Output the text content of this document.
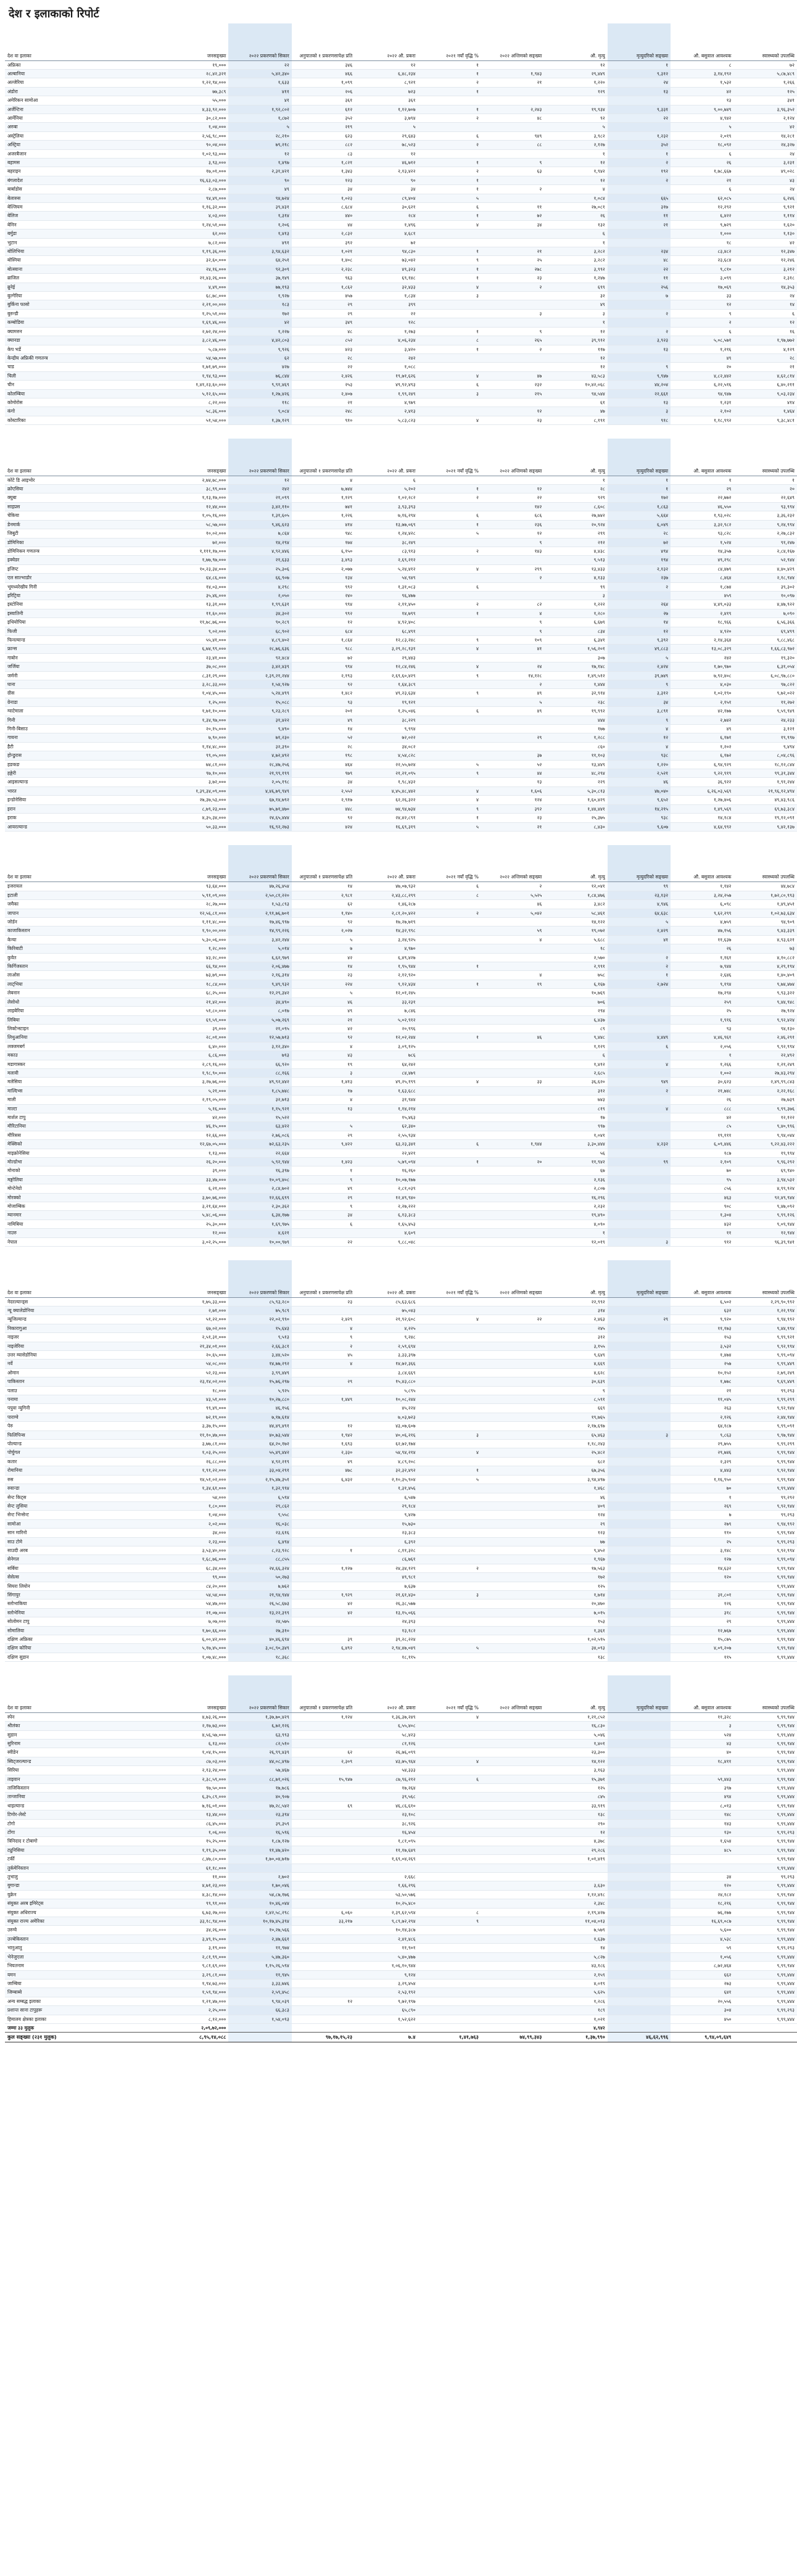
देश र इलाकाको रिपोर्ट
देश वा इलाका	जनसङ्ख्या	२०२२ प्रकरणको सिकार	अनुपातको १ प्रकरणसापेक्ष प्रति	२०२२ औ. प्रकरा	२०२१ नयाँ वृद्धि %	२०२२ अन्तिमको सङ्ख्या	औ. मृत्यु	मृत्युदरिको सङ्ख्या	औ. बसुवाल आवश्यक	स्वास्थ्यको उपलब्धि
अफ्रिका	१९,०००	२२	३४६	१२	१		१२	१	८	७२
अल्बानिया	२८,४२,३२१	५,४२,३४०	४६६	६,४८,२३४	१	१,९४३	२९,४४९	९,३१२	३,१४,१९२	५,८७,४८९
अल्जेरिया	१,२२,९४,०००	१,६३३	१,०९९	८,९२१	२	२१	१,२२०	२४	१,५३२	१,२६६
अंडोरा	७७,३८९	४११	२०६	७२३	१		१२९	१३	४२	१२५
अमेरिकन सामोआ	५५,०००	४१	३६१	३६१					१३	३४१
अर्जेन्टिना	४,३३,९२,०००	१,९२,८०२	६१२	१,१२,७०७	१	२,२४३	१९,९३४	९,३३१	९,००,७४९	३,९६,३५२
आर्मेनिया	३०,८२,०००	१,८७२	३५२	३,७९४	२	४८	९२	२२	४,९४२	२,१२४
अरुबा	१,०४,०००	५	२१९	५			५		५	४२
अस्ट्रेलिया	२,५६,९८,०००	२८,२१०	६२३	२९,६४३	६	९४९	३,९८२	१,२३२	२,०१९	१४,२८१
अस्ट्रिया	९०,०४,०००	७९,२१८	८८२	७८,५२३	२	८८	२,१२७	३५२	१८,०९२	२४,३२७
अजरबैजान	१,०२,९३,०००	१२	८३	१२			१	१	६	२४
बहामस	३,९३,०००	१,४९७	१,८२१	४६,७१२	१	९	१२	२	२६	३,२३१
बहराइन	१७,०१,०००	२,३१,४२१	१,३४३	२,१३,४२२	२	६३	१,९४२	१९२	१,७८,६६७	४९,०२८
बंगलादेश	१६,६३,०३,०००	९०	१२३	९०	१		१२	२	२१	४३
बार्बाडोस	२,८७,०००	४९	३४	३४	१	२	४		६	२४
बेलारुस	९४,४९,०००	९४,७२४	१,०२३	८९,४०४	५		१,०८४	६६५	६२,०८५	६,२४६
बेल्जियम	१,१६,३२,०००	३९,४३१	८,६८४	३०,६२१	६	११	२७,०८१	३१७	१२,२९२	९,९२१
बेलिज	४,०३,०००	१,३१४	४४०	२८४	१	७२	२६	११	६,४२२	१,११४
बेनिन	१,२४,५१,०००	१,२०६	४४	१,४९६	४	३४	१३२	२१	९,७२९	१,६२०
बर्मुडा	६२,०००	१,४१३	२,८३२	४,६८१			६		१,०००	१,१३०
भुटान	७,८२,०००	४९१	३९२	७२			१		१८	४२
बोलिभिया	१,१९,३६,०००	३,९४,६३२	१,०२१	९४,८३०	१	२१	३,२८२	२३४	८३,४८२	१२,३४७
बोस्निया	३२,६०,०००	६४,२५१	१,४०८	७३,०४२	९	२५	३,२८२	४८	२३,६८४	१२,२४६
बोत्स्वाना	२४,१६,०००	९२,३०९	२,२३८	४९,३२३	१	२७८	३,९९२	२२	९,८१०	३,२१२
ब्राजिल	२१,४३,२६,०००	३७,१४९	९६३	६९,१४८	१	२३	१,२४७	११	३,०९९	२,३१८
ब्रुनेई	४,४९,०००	७७,१९३	१,८६२	३२,४३३	४	२	६९९	२५६	१७,०६९	१४,३५३
बुल्गेरिया	६८,७८,०००	१,९२७	४५७	१,८३४	३		३२	७	३३	२४
बुर्किना फासो	२,२१,००,०००	१८३	२९	३९९			४९		१२	१४
बुरुन्डी	१,२५,५१,०००	१७२	२९	२२		३	३	२	९	६
कम्बोडिया	१,६९,४६,०००	४२	३४९	१२८			१		२	१२
क्यामरुन	२,७२,२४,०००	१,२२७	४८	१,२७३	१	९	१२	२	६	१६
क्यानडा	३,८२,४६,०००	४,४२,८०३	८५२	४,०६,२३४	८	२६५	३९,९१२	३,९२३	५,०८,५७१	१,९७,७७२
केप भर्डे	५,८७,०००	९,९२६	४२३	३,४२०	१	२	११७	१३	१,२१६	४,१२९
केन्द्रीय अफ्रिकी गणतन्त्र	५४,५७,०००	६२	२८	२४२			१२		४९	२८
चाड	१,७१,७९,०००	४२७	२२	१,०८८			१२	९	२०	२१
चिली	१,९४,९३,०००	७६,८४४	२,४२६	१९,७१,६२६	४	४७	४३,५८३	९,९४७	४,८२,४४२	४,६२,८१४
चीन	१,४१,२३,६०,०००	९,९१,४६९	२५३	४९,९२,४९३	६	२३२	१०,४२,०६८	४४,२०४	६,२२,५१६	६,४०,२११
कोलम्बिया	५,१२,६५,०००	१,२७,४२६	२,४०७	१,९९,२४९	३	२१५	९४,५४४	२२,६६१	९४,९४७	९,०३,२३४
कोमोरोस	८,२२,०००	११८	२१	४,९७९			६१	१३	१,२३१	४१४
कंगो	५८,३६,०००	९,०८४	२४८	२,४१३		१२	४७	३	२,१०२	१,४६४
कोस्टारिका	५१,५४,०००	१,३७,१२९	९१०	५,८३,८२३	४	२३	८,१९१	९१८	१,१८,९९२	९,३८,४८१
देश वा इलाका	जनसङ्ख्या	२०२२ प्रकरणको सिकार	अनुपातको १ प्रकरणसापेक्ष प्रति	२०२२ औ. प्रकरा	२०२१ नयाँ वृद्धि %	२०२२ अन्तिमको सङ्ख्या	औ. मृत्यु	मृत्युदरिको सङ्ख्या	औ. बसुवाल आवश्यक	स्वास्थ्यको उपलब्धि
कोटे डि आइभोर	२,७४,७८,०००	१२	४	६			१	१	१	१
क्रोएसिया	३८,९९,०००	२४२	७,७४४	५,२०२	१	१२	२८	१	२९	२०
क्युबा	१,१३,१७,०००	२१,०९९	१,१२९	१,०२,२८२	२	२२	९२९	१७२	२२,७७२	२२,६४९
साइप्रस	१२,४४,०००	३,४२,११०	७४१	३,९३,३९३		१४२	८,६०८	१,८६३	४६,५५०	९३,९९४
चेकिया	१,०५,१६,०००	१,३१,६०५	१,२२६	७,१६,२९४	६	६८६	२७,७४२	५,६६४	१,९३,०२८	३,३६,२३२
डेनमार्क	५८,५७,०००	९,४६,६२३	४१४	१३,७७,०६९	१	२३६	२०,९२४	६,०४९	३,३२,९८२	९,२४,९९४
जिबुटी	१०,०२,०००	७,८६४	९४८	१,२४,४२८	५	१२	२९९	२८	९३,८२८	२,२७,८३२
डोमिनिका	७२,०००	१४,२९४	१७४	३८,२४९		९	२१२	७२	१,५२४	९१,२४७
डोमिनिकन गणतन्त्र	१,१११,१७,०००	४,९२,४४६	६,१५०	८३,९१३	२	१४३	४,४३८	४९४	१४,३५७	२,८४,१६७
इक्वेडर	१,७७,९७,०००	२१,६३३	३,४९३	२,६९,२१२			९,५१३	१९४	४९,२९८	५२,९४४
इजिप्ट	१०,२३,३४,०००	२५,३०६	२,०७७	५,२४,४१२	४	२९९	१३,४३३	२,१३२	८४,४७९	४,४०,४२९
एल साल्भाडोर	६४,८६,०००	६६,९०७	१३४	५४,९४९		२	४,१३३	२३७	८,४६४	२,१८,९४४
भूमध्यरेखीय गिनी	१४,०३,०००	४,२९८	९९२	१,३१,०८३	६		९९	२	१,८७४	३९,३०२
इरिट्रिया	३५,४६,०००	२,०५०	२४०	९६,४७७			३		४५९	१०,०९७
इस्टोनिया	१३,३१,०००	१,९९,६३१	९९४	२,११,४५०	२	८२	१,२२२	२६४	४,४९,०३३	४,४७,९२२
इस्वातिनी	११,६०,०००	३४,३०२	९९२	१४,७९९	१	४	१,२८०	२७	२,४१९	७,०९०
इथियोपिया	११,७८,७६,०००	९०,२८९	१२	४,९२,४०८		९	६,६७९	१४	१८,९६६	६,५६,३६६
फिजी	९,०२,०००	६८,९०२	६८४	६८,४९१		९	८३४	१२	४,९२०	६९,४९९
फिनल्यान्ड	५५,४१,०००	४,८९,४०२	१,८६४	१२,८३,२४८	९	१०९	६,३४१	९,३९२	२,१४,३६४	९,८८,४६८
फ्रान्स	६,७४,९९,०००	२८,७६,६३६	९८८	३,२९,२८,१३१	४	४१	१,५६,२०१	४९,८८३	१३,०८,३२९	१,६६,८३,९७२
गाबोन	२३,४१,०००	९२,४८४	७२	२९,४४३			३०७	५	२४२	१९,३२०
जर्जिया	३७,०८,०००	३,४२,४३९	९९४	१२,८४,२४६	४	२४	१७,१४८	२,४२४	१,७०,९७०	६,३१,०५४
जर्मनी	८,३१,२९,०००	२,३९,२१,२४४	२,१९३	२,६९,६०,४२९	९	१४,१२८	१,४९,५१२	३९,७४९	७,९२,४०८	६,०८,९७,८८०
घाना	३,२८,३३,०००	१,५४,९२७	९२	१,६४,३८९		२	१,४४४	९	४,०३०	९७,८२२
ग्रीस	१,०४,४५,०००	५,२४,४९९	१,४८२	४९,२३,६३४	९	४९	३२,९१४	३,३१२	१,०२,१९०	९,७२,०२२
ग्रेनाडा	१,२५,०००	१५,०८८	९३	१९,१२१		५	२३८	३४	२,१५१	११,२७२
ग्वाटेमाला	१,७१,१०,०००	९,२३,२८९	२०१	१,२५,०४६	६	४९	१९,९९२	३,८९१	४२,१७७	९,५९,९४९
गिनी	१,३४,९७,०००	३१,४२२	४९	३८,२२९			४४४	९	२,७४२	२४,२३३
गिनी-बिसाउ	२०,१५,०००	९,४९०	१४	९,९९४			१७७	४	४९	३,१२१
गायना	७,९०,०००	७१,२३०	५२	७२,०२२		२९	१,२८८	१२	६,१७१	१९,९९७
हैटी	१,१४,४८,०००	३२,३९०	२८	३४,०८२			८६०	४	१,२०२	९,४९४
होन्डुरास	९९,०५,०००	४,७२,४९२	१९८	४,५४,८२८		३७	११,१०३	९३८	६,१७२	८,०४,८९६
हङकङ	७४,८१,०००	२८,४७,२५६	४६४	२२,५५,७२४	५	५२	१३,४४९	१,२२०	६,९४,९२९	१८,१२,८४४
हङ्गेरी	९७,१०,०००	२१,९९,१९९	९७९	२१,२१,०९५	९	४४	४८,२९४	२,५२१	९,२२,९१९	९९,३१,३४४
आइसल्यान्ड	३,७२,०००	२,०५,१९८	३४	१,९८,४३२		१३	२२९	४६	३६,९२२	१,९१,२४४
भारत	१,३९,३४,०९,०००	४,४६,७९,९४९	२,५५२	४,४५,४८,४४२	४	१,६०६	५,३०,८१३	४७,०४०	६,२६,०३,५६९	२१,९६,१२,४९४
इन्डोनेसिया	२७,३७,५३,०००	६७,१४,७९२	२,९१७	६२,२६,३२२	४	१२४	१,६०,४२९	९,६५२	१,२७,४०६	४९,४३,९८६
इरान	८,७९,२३,०००	७५,७१,४७०	४४८	७४,९४,७३४	९	३९२	१,४४,४४१	१४,२१५	१,४९,५६९	६९,७३,३८४
इराक	४,३५,३४,०००	२४,६५,४४४	९२	२४,४२,८९१	१	२३	२५,३७५	९३८	१४,१८४	१९,१२,०९१
आयरल्यान्ड	५०,३३,०००	१६,९२,२७३	४२४	१६,६९,३१९	५	२१	८,४३०	९,६०७	४,६४,९९२	९,४२,१३७
देश वा इलाका	जनसङ्ख्या	२०२२ प्रकरणको सिकार	अनुपातको १ प्रकरणसापेक्ष प्रति	२०२२ औ. प्रकरा	२०२१ नयाँ वृद्धि %	२०२२ अन्तिमको सङ्ख्या	औ. मृत्यु	मृत्युदरिको सङ्ख्या	औ. बसुवाल आवश्यक	स्वास्थ्यको उपलब्धि
इजरायल	९३,६४,०००	४७,२६,४५४	१४	४७,०७,९३२	६	२	१२,०४१	९९	१,१४२	४४,७८४
इटाली	५,९१,०९,०००	२,५०,८१,२२०	२,९८१	२,४३,८८,२९९	८	५,५२५	१,८४,४७६	२३,१३२	३,२४,२५७	१,७२,८०,९९३
जमैका	२८,२७,०००	१,५३,८९३	६२	१,४६,२८७		४६	३,४८२	४,९४६	६,०९८	१,४९,४५१
जापान	१२,५६,८१,०००	२,९१,७६,७०१	१,१४०	२,८१,२०,४२२	२	५,०४२	५८,४६१	६४,६३८	९,६२,२९९	१,०२,७३,६३४
जोर्डन	१,११,४८,०००	१७,४६,९९७	९२	१७,२७,७१९			१४,१२२	५	४,७५९	९४,९०९
काजाकिस्तान	१,९०,००,०००	१४,९९,२२६	२,०२७	१४,३२,९९८		५९	१९,०७२	२,४२९	४७,१५६	९,४३,३३९
केन्या	५,३०,०६,०००	३,४२,२४४	५	३,२४,९२५		४	५,६८८	४१	११,६३७	४,९३,६२१
किरिबाटी	१,२८,०००	५,०१४	७	४,९७०			१८		२६	७३
कुवेत	४३,२८,०००	६,६२,९७९	४२	६,४९,४२७			२,५७०	२	१,१६१	४,१०,८८२
किर्गिजस्तान	६६,९४,०००	२,०६,४७७	१४	१,९५,९४४	१		२,९९१	२	७,९४४	४,२९,१९४
लाओस	७३,७९,०००	२,१६,३१४	२३	२,१२,९२०		४	७५८	१	२,६४६	१,४०,४०९
लाट्भिया	१८,८४,०००	९,४९,९३२	२२४	९,१२,४३४	१	१९	६,१६७	२,७२४	९,१९४	९,७४,४७४
लेबनान	६८,२५,०००	१२,२९,३४२	५	१२,०१,२४५			१०,७६९		१७,२९४	९,९३,३२२
लेसोथो	२१,४२,०००	३४,४९०	४६	३३,२३१			७०६		२५९	९,४४,९४८
लाइबेरिया	५१,८०,०००	८,०१७	४९	७,८४६			२९४		२५	२७,९२४
लिबिया	६९,५९,०००	५,०७,२६९	२१	५,०२,९१२			६,४३७		१,९१६	९,९२,४२४
लिक्टेन्स्टाइन	३९,०००	२१,०९५	४२	२०,९९६			८९		९३	९४,१३०
लिथुआनिया	२८,०१,०००	१२,५७,७१३	९२	१२,०२,२४४	१	४६	९,४४८	४,४४९	४,४६,९६१	२,४६,२९१
लक्जमबर्ग	६,४०,०००	३,१२,३४०	४	३,०९,१२५			१,१२९	६	२,०५६	९,९२,९९४
मकाउ	६,८६,०००	७९३	४३	७८६			६		१	२२,४९२
मडागास्कर	२,८९,१६,०००	६६,९२०	१९	६४,२४२			१,४१२	४	१,२६६	१,२१,२४९
मलावी	१,९८,९०,०००	८८,१६६	३	८४,४७९			२,६८५		१,००२	२७,४३,२९४
मलेसिया	३,२७,७६,०००	४९,९२,४४२	१,४१३	४९,२५,१९९	४	३३	३६,६२०	९४९	३०,६२३	२,४९,९९,८४३
माल्दिभ्स	५,२१,०००	१,८५,७४८	१७	१,६३,६८८			३१२	२	२१,७४८	२,२२,१६८
माली	२,१९,०५,०००	३२,७१३	४	३१,९४४			७४३		२६	२७,७३९
माल्टा	५,१६,०००	१,१५,९२१	१३	१,१४,२१४			८१९	४	८८८	९,९९,३७६
मार्शल टापु	४२,०००	१५,५२२		१५,४६३			१७		४२	१२,१२२
मौरिटानिया	४६,१५,०००	६३,४२२	५	६२,३४०			९९७		८५	९,४०,९९६
मौरिसस	१२,६६,०००	२,७६,०८६	२९	२,५५,९३४			१,०४१		१९,१११	९,९४,०४४
मेक्सिको	१२,६७,०५,०००	७२,६३,२३५	९,४२२	६३,२३,३४१	६	१,९४४	३,३०,४४४	४,२३२	६,०९,४४६	९,२२,४३,२२२
माइक्रोनेसिया	१,१३,०००	२२,६६४		२२,४२१			५६		१८७	१९,९९४
मोल्डोभा	२६,२०,०००	५,९२,९४४	१,४२३	५,७९,०९४	१	२०	११,९४२	९९	२,१०९	९,९६,२९२
मोनाको	३९,०००	१६,३९७	१	१६,२६०			६७		७०	६९,९४०
मङ्गोलिया	३३,४७,०००	१०,०९,४०८	९	१०,०७,१७७			२,१३६		९५	३,९४,५३२
मोन्टेनेग्रो	६,२१,०००	२,८४,७०२	४९	२,८१,०३९			२,८०७		८५६	४,९९,९२४
मोरक्को	३,७०,७६,०००	१२,६६,६९९	२९	१२,४९,९४०			१६,२९६		४६३	९२,४९,९४४
मोजाम्बिक	३,२१,६४,०००	२,३०,३६२	९	२,२७,२२२			२,२३२		९०८	९,४७,०९२
म्यानमार	५,४८,०६,०००	६,३४,१७७	३४	६,१३,३८३			१९,४९०		१,३०४	९,९९,१२६
नामिबिया	२५,३०,०००	१,६९,९७५	६	१,६५,४५३			४,०९०		४३२	९,०९,९४४
नाउरु	१२,०००	४,६२१		४,६०९			१		११	१२,९४४
नेपाल	३,०२,२५,०००	१०,००,९७९	२२	९,८८,०४८			१२,०१९	३	९१२	९६,३९,९४१
देश वा इलाका	जनसङ्ख्या	२०२२ प्रकरणको सिकार	अनुपातको १ प्रकरणसापेक्ष प्रति	२०२२ औ. प्रकरा	२०२१ नयाँ वृद्धि %	२०२२ अन्तिमको सङ्ख्या	औ. मृत्यु	मृत्युदरिको सङ्ख्या	औ. बसुवाल आवश्यक	स्वास्थ्यको उपलब्धि
नेदरल्यान्ड्स	१,७५,३३,०००	८५,९३,२८०	२३	८५,६३,६८६			२२,९९२		६,५०२	२,२९,९०,९९२
न्यू क्यालेडोनिया	२,७१,०००	७५,९८९		७५,०४३			३१४		६३२	१,२२,९९४
न्यूजिल्यान्ड	५१,२२,०००	२२,०२,९९०	२,४२९	२१,९२,६०८	४	२२	२,४६३	२९	९,९२०	९,९४,९९२
निकारागुआ	६७,०२,०००	१५,६४३	४	४,२२५			२४५		११,१७३	९,४४,९९४
नाइजर	२,५१,३१,०००	९,५१३	९	९,२४८			३१२		१५३	९,९९,९२१
नाइजेरिया	२१,३४,०१,०००	२,६६,३८१	२	२,५९,६९४			३,१५५		३,५३२	९,९२,९९४
उत्तर म्यासेडोनिया	२०,६५,०००	३,४४,५२०	४५	३,३३,३९७			९,६४९		१,४७४	९,९९,०९४
नर्वे	५४,०८,०००	१४,७७,२९२	४	१४,७२,३६६			४,६६९		२५७	९,९९,४४९
ओमान	५२,२३,०००	३,९९,४४९		३,८४,६६९			४,६२८		१०,१५२	२,७९,२४९
पाकिस्तान	२३,१४,०२,०००	१५,७६,२९७	२९	१५,४३,८८०			३०,६३९		१,७७८	९,६९,४४९
पलाउ	१८,०००	५,९२५		५,८९५			९		२१	९९,२९३
पनामा	४३,५१,०००	१०,२७,८८०	१,४४९	१०,०८,२४४			८,५९१		११,०४५	९,९९,२९९
पपुवा न्युगिनी	९९,४९,०००	४६,१५६		४५,२२४			६६९		२६३	९,९२,९४४
पाराग्वे	७२,१९,०००	७,१७,६१४		७,०३,७२३			१९,७६५		२,१२६	२,४४,९४४
पेरु	३,३७,१५,०००	४४,४९,४९१	१२	४३,०७,६०७			२,१७,६९७		६४,१८७	९,९९,०९१
फिलिपिन्स	११,१०,४७,०००	४०,७३,५४४	१,९४२	४०,०६,२१६	३		६५,४६३	३	९,८६३	९,९७,९४४
पोल्यान्ड	३,७७,८१,०००	६४,२०,१७२	१,६९३	६२,७२,१७४			१,१८,२४३		२९,७५५	९,९९,२९९
पोर्चुगल	१,०३,२५,०००	५५,४९,४४२	२,३३०	५४,९४,२१४	४		२५,४८२		२९,७४६	९,९९,९४४
कतार	२६,८८,०००	४,९२,२१९	४९	४,८९,२०८			६८२		२,३२९	९,९९,९४४
रोमानिया	१,९१,२२,०००	३३,०४,२९१	४७८	३२,३२,४९२	१		६७,३५६		४,४४३	९,९२,९४४
रुस	१४,५१,०२,०००	२,१५,४७,३५१	६,४३२	२,१०,३५,९०४	५		३,९४,४९७		१,१६,९५०	९,९९,९४४
रुवान्डा	१,३४,६१,०००	१,३२,९९४		१,३१,४५६			१,४६८		७०	९,९९,४४४
सेन्ट किट्स	५४,०००	६,५९४		६,५४७			४६		१	९९,२९२
सेन्ट लुसिया	१,८०,०००	२९,८६२		२९,१८४			४०९		२६९	९,९२,९४४
सेन्ट भिन्सेन्ट	१,०४,०००	९,५५८		९,४२७			१२४		७	९९,२९३
सामोआ	२,०२,०००	१६,०३८		१५,७३०			२९		२७९	९,९४,९९२
सान मारिनो	३४,०००	२३,६१६		२३,३८३			१२३		११०	९,९९,९४४
साउ टोमे	२,२३,०००	६,४९४		६,३९२			७७		२५	९,९९,२९३
साउदी अरब	३,५३,४०,०००	८,२३,९२८	१	८,११,३२८			९,४५२		३,१४८	९,९२,९९४
सेनेगल	१,६८,७६,०००	८८,८५५		८६,७६१			१,९६७		१२७	९,९९,०९४
सर्बिया	६८,३४,०००	२४,६६,३२४	१,१२७	२४,३४,१२९	२		१७,५६३		१४,६३२	९,९९,९४४
सेसेल्स	९९,०००	५०,२७३		४९,९८१			१७२		१२०	९,९९,९४४
सियरा लियोन	८४,२०,०००	७,७६२		७,६३७			१२५			९,९९,४४४
सिंगापुर	५४,५४,०००	२१,९४,९४४	१,९२९	२१,६१,४३०	३		१,७१४		३१,८०१	९,९९,९४४
स्लोभाकिया	५४,४७,०००	२६,५८,६७३	४२	२६,३८,५७७			२०,४७०		१२६	९,९९,९४४
स्लोभेनिया	२१,०७,०००	१३,२२,३९९	४२	१३,१५,०६६			७,०१५		३१८	९,९९,९४४
सोलोमन टापु	७,०७,०००	२४,५७५		२४,३९३			१५३		२९	९,९९,४४४
सोमालिया	१,७०,६६,०००	२७,३१०		१३,१८२			१,३६१		१२,७६७	९,९९,४४४
दक्षिण अफ्रिका	६,००,४२,०००	४०,४६,६९४	३९	३९,२८,२२४			१,०२,५९५		१५,८७५	९,९९,९४४
दक्षिण कोरिया	५,१७,४५,०००	३,०८,९०,३४९	६,४९२	२,९४,४७,०४९	५		३४,०९३		४,०९,२०७	९,९९,९४४
दक्षिण सुडान	१,०७,४८,०००	१८,३६८		१८,११५			१३८		११५	९,९९,४४४
देश वा इलाका	जनसङ्ख्या	२०२२ प्रकरणको सिकार	अनुपातको १ प्रकरणसापेक्ष प्रति	२०२२ औ. प्रकरा	२०२१ नयाँ वृद्धि %	२०२२ अन्तिमको सङ्ख्या	औ. मृत्यु	मृत्युदरिको सङ्ख्या	औ. बसुवाल आवश्यक	स्वास्थ्यको उपलब्धि
स्पेन	४,७३,२६,०००	१,३७,७०,४२९	१,१२४	१,३६,३७,२४९	४		१,२१,८५२		११,३२८	९,९९,९४४
श्रीलंका	२,१७,७३,०००	६,७२,१२६		६,५५,४०८			१६,८३०		३	९,९९,९४४
सुडान	४,५६,५७,०००	६३,९९३		५८,४२३			५,०४६		५२४	९,९९,४४४
सुरिनाम	६,१३,०००	८२,५१०		८१,१२६			१,४०१		४३	९,९९,९४४
स्वीडेन	१,०४,१५,०००	२६,९९,४३९	६२	२६,७६,०९९			२३,३००		४०	९,९९,९४४
स्विट्जरल्यान्ड	८७,०३,०००	४४,०८,४९७	२,३०९	४३,७५,९६४	४		१४,१२२		१८,४११	९,९९,९४४
सिरिया	२,१३,२४,०००	५७,४६७		५४,३३३			३,१६३			९,९९,४४४
ताइवान	२,३८,५९,०००	८८,७१,०२६	१५,९४७	८७,९६,२१२	६		१५,३७१		५९,४४३	९,९९,९४४
ताजिकिस्तान	९७,५०,०००	१७,७८६		१७,२६४			१२५		३९७	९,९९,४४४
तान्जानिया	६,३५,८९,०००	४०,९०७		३९,५६८			८४५		४९४	९,९९,४४४
थाइल्यान्ड	७,१६,०१,०००	४७,२८,५४२	६९	४६,८६,६१०			३३,९१९		८,०१३	९,९९,९४४
टिमोर-लेस्टे	१३,४४,०००	२३,३९४		२३,१०८			१३८		१४८	९,९९,४४४
टोगो	८६,४५,०००	३९,३५९		३८,९२६			२९०		१४३	९,९९,४४४
टोंगा	१,०६,०००	१६,५९६		१६,४५४			१२		१३०	९,९९,२९३
त्रिनिदाद र टोबागो	१५,२५,०००	१,८७,१२७		१,८१,०९५			४,३७८		१,६५४	९,९९,९४४
ट्युनिसिया	१,१९,३५,०००	११,४७,४२०		११,१७,६४९			२९,२८६		४८५	९,९९,९४४
टर्की	८,४७,८०,०००	१,७०,०४,७१७		१,६९,०४,२६९			१,०१,४१९			९,९९,९४४
तुर्कमेनिस्तान	६१,१८,०००									९,९९,४४४
तुभालु	११,०००	२,७०२		२,६६८					३४	९९,२९३
युगान्डा	४,७१,२३,०००	१,७०,०४६		१,६६,२९६			३,६३०		१२०	९,९९,४४४
युक्रेन	४,३८,१४,०००	५४,८७,१७६		५३,५०,५७६			१,१२,४१८		२४,१८२	९,९९,९४४
संयुक्त अरब इमिरेट्स	९९,९१,०००	१०,४६,०४४		१०,२५,४८०			२,३४८		१८,२१६	९,९९,९४४
संयुक्त अधिराज्य	६,७३,२७,०००	२,४२,५८,२९८	६,०६०	२,३९,६२,५९४	८		२,१९,४२७		७६,२७७	९,९९,९४४
संयुक्त राज्य अमेरिका	३३,१८,९४,०००	१०,१७,४५,३९४	३३,२१७	९,८९,७२,२९४	९		११,०४,०१३		१६,६९,०८७	९,९९,९४४
उरुग्वे	३४,२६,०००	१०,२७,५६६		१०,१४,३८७			७,५७९		५,६००	९,९९,९४४
उज्बेकिस्तान	३,४९,१५,०००	२,४७,६६१		२,४१,४८६			१,६३७		४,५३८	९,९९,४४४
भानुआतु	३,१९,०००	११,९७४		११,९०१			१४		५९	९,९९,२९३
भेनेजुएला	२,८१,९९,०००	५,४७,३६०		५,४०,४७७			५,८२७		१,०५६	९,९९,४४४
भियतनाम	९,८१,६९,०००	१,१५,२६,५९४		१,०६,१०,९४४			४३,१८६		८,७२,४६४	९,९९,९४४
यमन	३,२९,८१,०००	११,९४५		९,१२४			२,१५९		६६२	९,९९,४४४
जाम्बिया	१,९४,७३,०००	३,३३,७४६		३,२९,४५४			४,०१९		२७३	९,९९,४४४
जिम्बाब्वे	१,५९,९४,०००	२,५९,४५८		२,५३,१९२			५,६२५		६४१	९,९९,४४४
अन्य सम्बद्ध इलाका	१,२१,४७,०००	९,९४,०३९	१२	९,७२,१९७			१,२८६		२०,५५६	९,९९,४४४
प्रशान्त साना टापुहरू	२,२५,०००	६६,३८३		६५,८९०			१८९		३०४	९,९९,२९३
हिमालय क्षेत्रका इलाका	८,१२,०००	१,५४,०९३		१,५२,६२२			१,०२१		४५०	९,९९,४४४
जम्मा ३३ मुलुक	२,०९,७२,०००						४,९४२			
कुल सङ्ख्या (२३१ मुलुक)	८,९५,१४,०८८		९७,१७,१५,२३	७.४	१,४१,७६३	७४,९९,३४३	१,३७,९९०	४६,६२,९९६	९,९४,०९,६४९	
